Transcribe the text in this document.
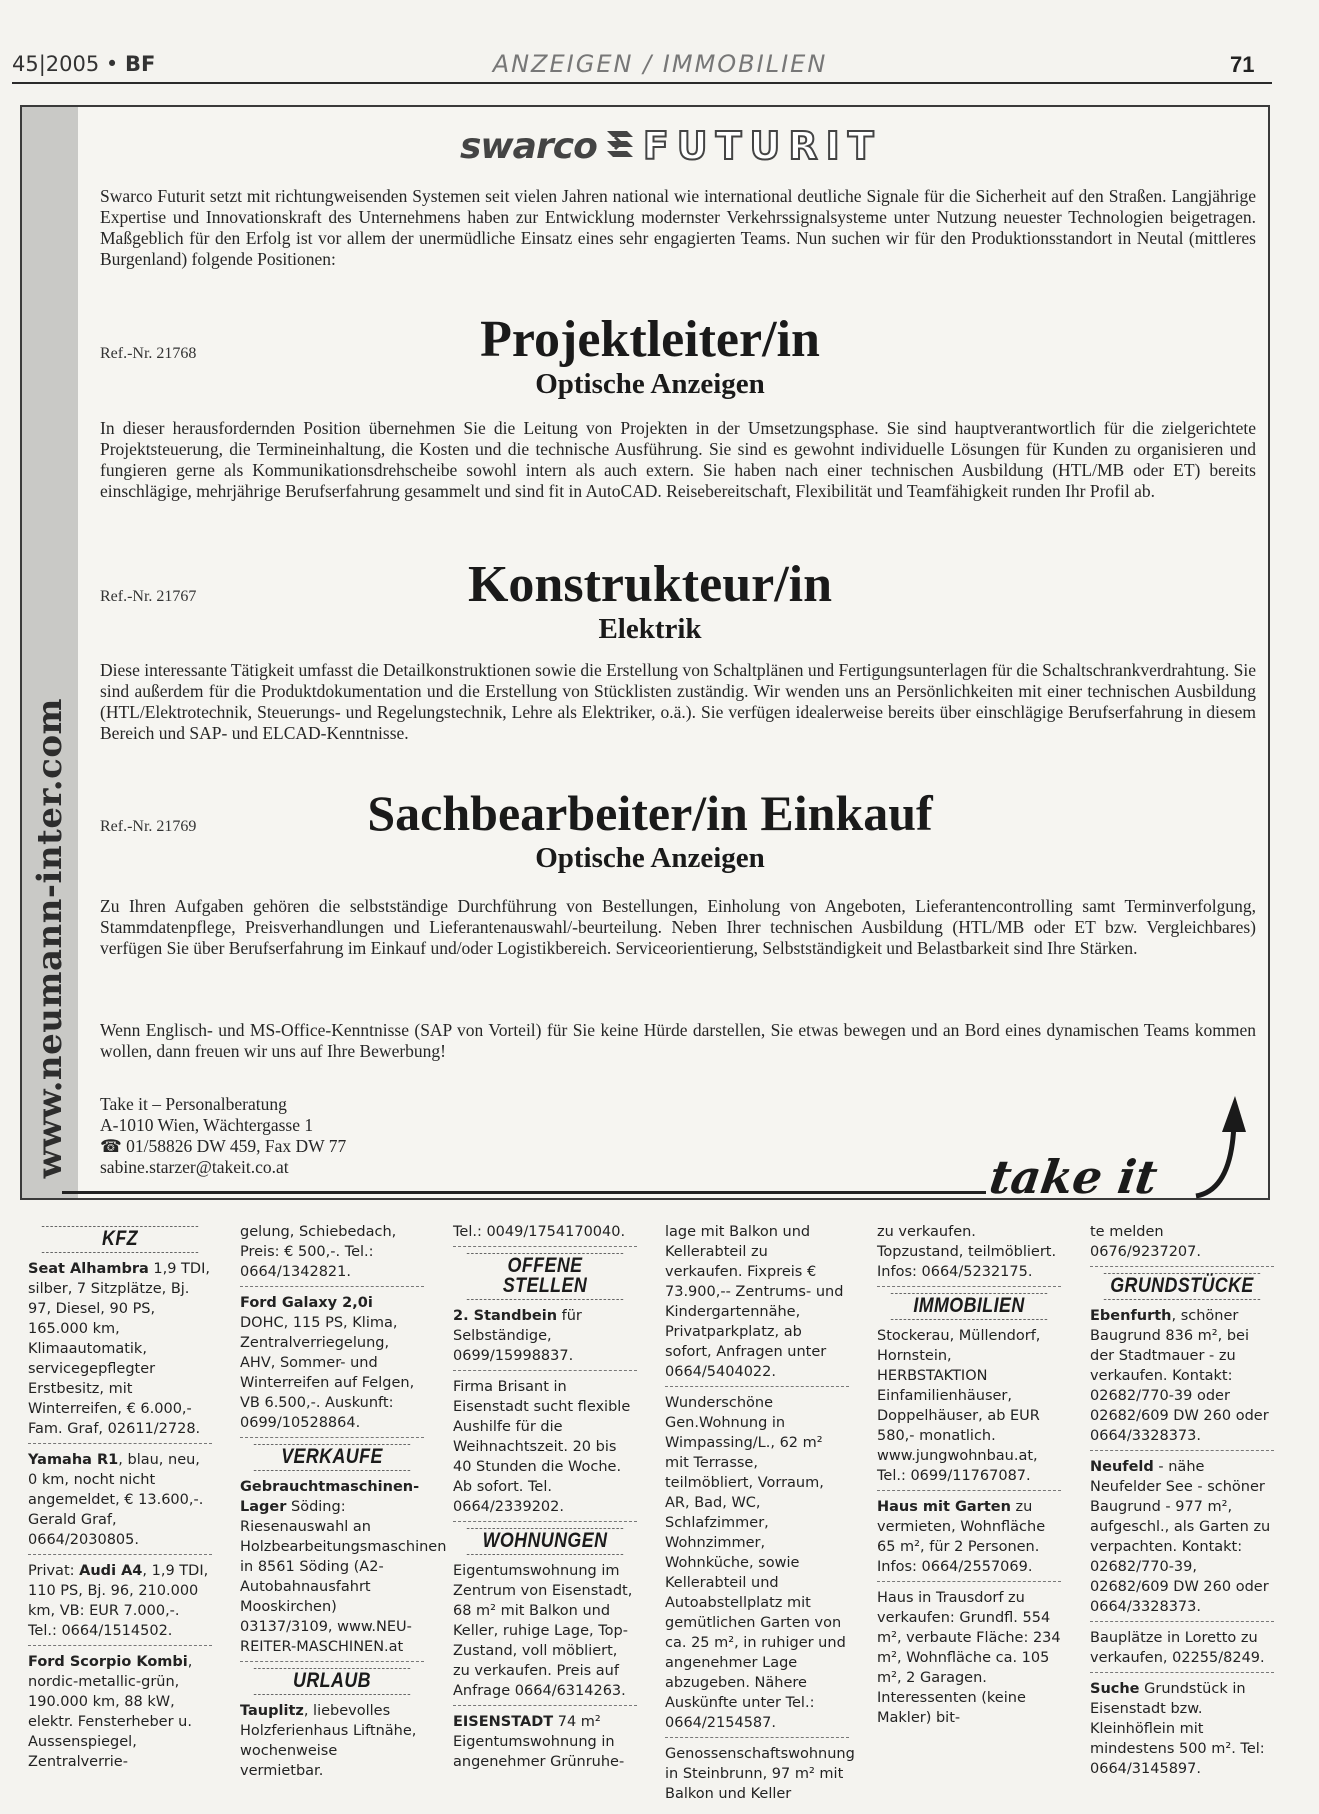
45|2005 • BF	ANZEIGEN / IMMOBILIEN	71
www.neumann-inter.com
swarco FUTURIT
Swarco Futurit setzt mit richtungweisenden Systemen seit vielen Jahren national wie international deutliche Signale für die Sicherheit auf den Straßen. Langjährige Expertise und Innovationskraft des Unternehmens haben zur Entwicklung modernster Verkehrssignalsysteme unter Nutzung neuester Technologien beigetragen. Maßgeblich für den Erfolg ist vor allem der unermüdliche Einsatz eines sehr engagierten Teams. Nun suchen wir für den Produktionsstandort in Neutal (mittleres Burgenland) folgende Positionen:
Ref.-Nr. 21768	Projektleiter/in
Optische Anzeigen
In dieser herausfordernden Position übernehmen Sie die Leitung von Projekten in der Umsetzungsphase. Sie sind hauptverantwortlich für die zielgerichtete Projektsteuerung, die Termineinhaltung, die Kosten und die technische Ausführung. Sie sind es gewohnt individuelle Lösungen für Kunden zu organisieren und fungieren gerne als Kommunikationsdrehscheibe sowohl intern als auch extern. Sie haben nach einer technischen Ausbildung (HTL/MB oder ET) bereits einschlägige, mehrjährige Berufserfahrung gesammelt und sind fit in AutoCAD. Reisebereitschaft, Flexibilität und Teamfähigkeit runden Ihr Profil ab.
Ref.-Nr. 21767	Konstrukteur/in
Elektrik
Diese interessante Tätigkeit umfasst die Detailkonstruktionen sowie die Erstellung von Schaltplänen und Fertigungsunterlagen für die Schaltschrankverdrahtung. Sie sind außerdem für die Produktdokumentation und die Erstellung von Stücklisten zuständig. Wir wenden uns an Persönlichkeiten mit einer technischen Ausbildung (HTL/Elektrotechnik, Steuerungs- und Regelungstechnik, Lehre als Elektriker, o.ä.). Sie verfügen idealerweise bereits über einschlägige Berufserfahrung in diesem Bereich und SAP- und ELCAD-Kenntnisse.
Ref.-Nr. 21769	Sachbearbeiter/in Einkauf
Optische Anzeigen
Zu Ihren Aufgaben gehören die selbstständige Durchführung von Bestellungen, Einholung von Angeboten, Lieferantencontrolling samt Terminverfolgung, Stammdatenpflege, Preisverhandlungen und Lieferantenauswahl/-beurteilung. Neben Ihrer technischen Ausbildung (HTL/MB oder ET bzw. Vergleichbares) verfügen Sie über Berufserfahrung im Einkauf und/oder Logistikbereich. Serviceorientierung, Selbstständigkeit und Belastbarkeit sind Ihre Stärken.
Wenn Englisch- und MS-Office-Kenntnisse (SAP von Vorteil) für Sie keine Hürde darstellen, Sie etwas bewegen und an Bord eines dynamischen Teams kommen wollen, dann freuen wir uns auf Ihre Bewerbung!
Take it – Personalberatung
A-1010 Wien, Wächtergasse 1
☎ 01/58826 DW 459, Fax DW 77
sabine.starzer@takeit.co.at	take it
KFZ
Seat Alhambra 1,9 TDI, silber, 7 Sitzplätze, Bj. 97, Diesel, 90 PS, 165.000 km, Klimaautomatik, servicegepflegter Erstbesitz, mit Winterreifen, € 6.000,- Fam. Graf, 02611/2728.
Yamaha R1, blau, neu, 0 km, nocht nicht angemeldet, € 13.600,-. Gerald Graf, 0664/2030805.
Privat: Audi A4, 1,9 TDI, 110 PS, Bj. 96, 210.000 km, VB: EUR 7.000,-. Tel.: 0664/1514502.
Ford Scorpio Kombi, nordic-metallic-grün, 190.000 km, 88 kW, elektr. Fensterheber u. Aussenspiegel, Zentralverrie-
gelung, Schiebedach, Preis: € 500,-. Tel.: 0664/1342821.
Ford Galaxy 2,0i DOHC, 115 PS, Klima, Zentralverriegelung, AHV, Sommer- und Winterreifen auf Felgen, VB 6.500,-. Auskunft: 0699/10528864.
VERKAUFE
Gebrauchtmaschinen-Lager Söding: Riesenauswahl an Holzbearbeitungsmaschinen in 8561 Söding (A2-Autobahnausfahrt Mooskirchen) 03137/3109, www.NEU-REITER-MASCHINEN.at
URLAUB
Tauplitz, liebevolles Holzferienhaus Liftnähe, wochenweise vermietbar.
Tel.: 0049/1754170040.
OFFENE STELLEN
2. Standbein für Selbständige, 0699/15998837.
Firma Brisant in Eisenstadt sucht flexible Aushilfe für die Weihnachtszeit. 20 bis 40 Stunden die Woche. Ab sofort. Tel. 0664/2339202.
WOHNUNGEN
Eigentumswohnung im Zentrum von Eisenstadt, 68 m² mit Balkon und Keller, ruhige Lage, Top-Zustand, voll möbliert, zu verkaufen. Preis auf Anfrage 0664/6314263.
EISENSTADT 74 m² Eigentumswohnung in angenehmer Grünruhe-
lage mit Balkon und Kellerabteil zu verkaufen. Fixpreis € 73.900,-- Zentrums- und Kindergartennähe, Privatparkplatz, ab sofort, Anfragen unter 0664/5404022.
Wunderschöne Gen.Wohnung in Wimpassing/L., 62 m² mit Terrasse, teilmöbliert, Vorraum, AR, Bad, WC, Schlafzimmer, Wohnzimmer, Wohnküche, sowie Kellerabteil und Autoabstellplatz mit gemütlichen Garten von ca. 25 m², in ruhiger und angenehmer Lage abzugeben. Nähere Auskünfte unter Tel.: 0664/2154587.
Genossenschaftswohnung in Steinbrunn, 97 m² mit Balkon und Keller
zu verkaufen. Topzustand, teilmöbliert. Infos: 0664/5232175.
IMMOBILIEN
Stockerau, Müllendorf, Hornstein, HERBSTAKTION Einfamilienhäuser, Doppelhäuser, ab EUR 580,- monatlich. www.jungwohnbau.at, Tel.: 0699/11767087.
Haus mit Garten zu vermieten, Wohnfläche 65 m², für 2 Personen. Infos: 0664/2557069.
Haus in Trausdorf zu verkaufen: Grundfl. 554 m², verbaute Fläche: 234 m², Wohnfläche ca. 105 m², 2 Garagen. Interessenten (keine Makler) bit-
te melden 0676/9237207.
GRUNDSTÜCKE
Ebenfurth, schöner Baugrund 836 m², bei der Stadtmauer - zu verkaufen. Kontakt: 02682/770-39 oder 02682/609 DW 260 oder 0664/3328373.
Neufeld - nähe Neufelder See - schöner Baugrund - 977 m², aufgeschl., als Garten zu verpachten. Kontakt: 02682/770-39, 02682/609 DW 260 oder 0664/3328373.
Bauplätze in Loretto zu verkaufen, 02255/8249.
Suche Grundstück in Eisenstadt bzw. Kleinhöflein mit mindestens 500 m². Tel: 0664/3145897.
